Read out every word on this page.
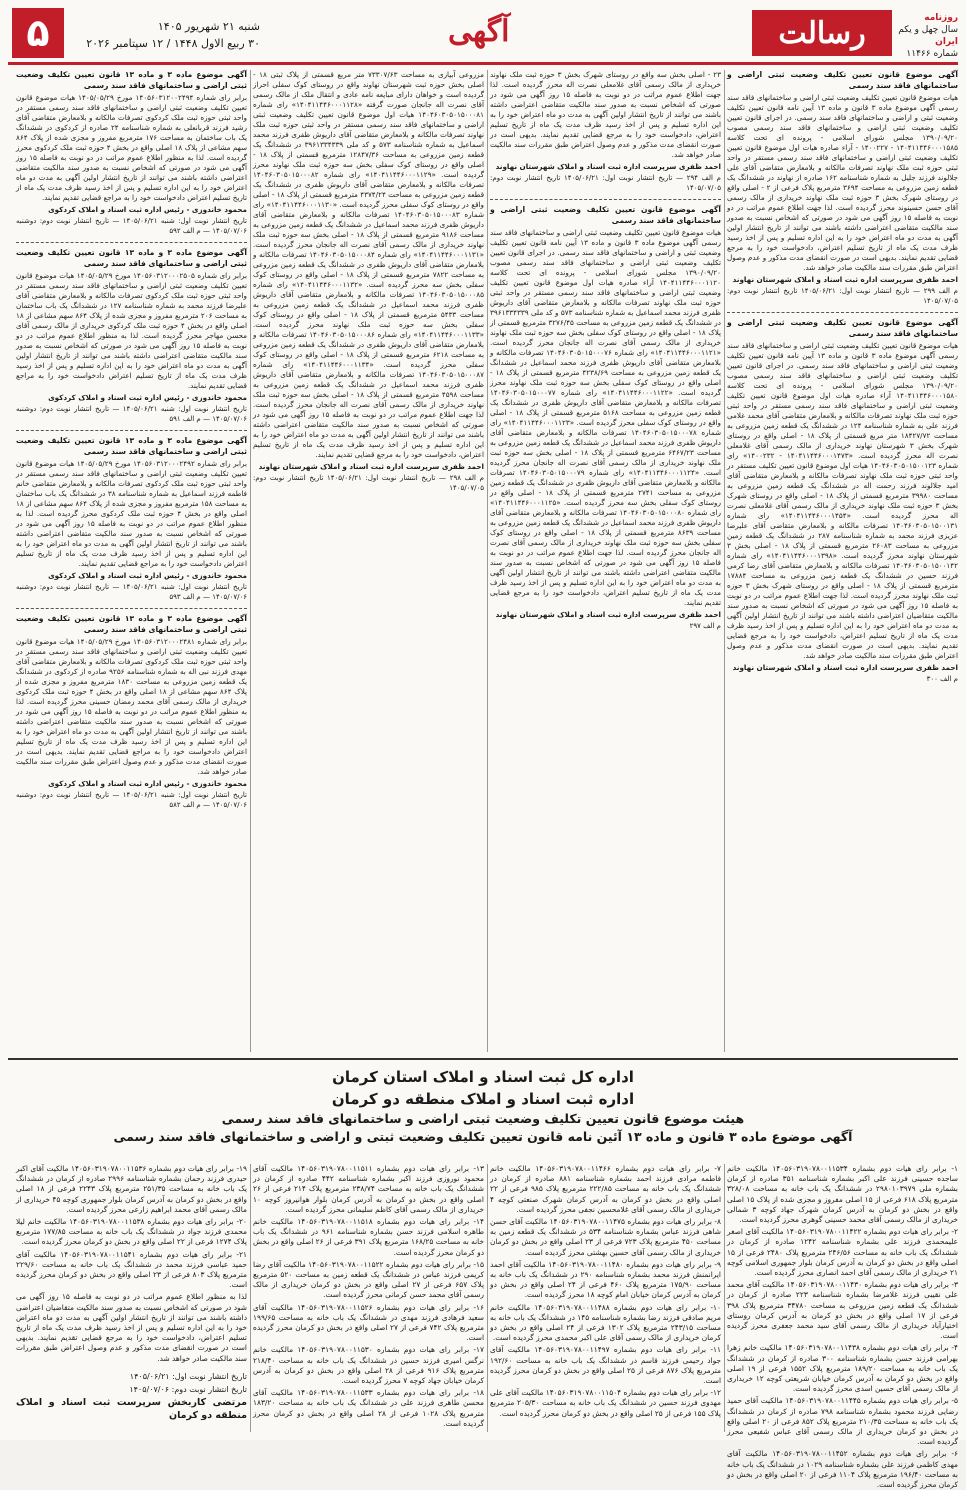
روزنامه
سال چهل و یکم
ایران
شماره ۱۱۴۶۶
رسالت
آگهی
شنبه ۲۱ شهریور ۱۴۰۵
۳۰ ربیع الاول ۱۴۴۸ / ۱۲ سپتامبر ۲۰۲۶
۵
آگهی موضوع قانون تعیین تکلیف وضعیت ثبتی اراضی و ساختمانهای فاقد سند رسمی
هیات موضوع قانون تعیین تکلیف وضعیت ثبتی اراضی و ساختمانهای فاقد سند رسمی آگهی موضوع ماده ۳ قانون و ماده ۱۳ آیین نامه قانون تعیین تکلیف وضعیت ثبتی و اراضی و ساختمانهای فاقد سند رسمی. در اجرای قانون تعیین تکلیف وضعیت ثبتی اراضی و ساختمانهای فاقد سند رسمی مصوب ۱۳۹۰/۰۹/۲۰ مجلس شورای اسلامی - پرونده ای تحت کلاسه ۱۴۰۴۱۱۴۴۶۰۰۰۱۵۸۵ - ۱۴۰۰۲۲۷ - آراء صادره هیات اول موضوع قانون تعیین تکلیف وضعیت ثبتی اراضی و ساختمانهای فاقد سند رسمی مستقر در واحد ثبتی حوزه ثبت ملک نهاوند تصرفات مالکانه و بلامعارض متقاضی آقای علی جلالوند فرزند جلیل به شماره شناسنامه ۱۶۲ صادره از نهاوند در ششدانگ یک قطعه زمین مزروعی به مساحت ۳۶۹۴ مترمربع پلاک فرعی از ۲ - اصلی واقع در روستای شهرک بخش ۳ حوزه ثبت ملک نهاوند خریداری از مالک رسمی آقای حسن حسینوند محرز گردیده است. لذا جهت اطلاع عموم مراتب در دو نوبت به فاصله ۱۵ روز آگهی می شود در صورتی که اشخاص نسبت به صدور سند مالکیت متقاضی اعتراضی داشته باشند می توانند از تاریخ انتشار اولین آگهی به مدت دو ماه اعتراض خود را به این اداره تسلیم و پس از اخذ رسید ظرف مدت یک ماه از تاریخ تسلیم اعتراض، دادخواست خود را به مرجع قضایی تقدیم نمایند. بدیهی است در صورت انقضای مدت مذکور و عدم وصول اعتراض طبق مقررات سند مالکیت صادر خواهد شد.
احمد ظفری سرپرست اداره ثبت اسناد و املاک شهرستان نهاوند
م الف ۲۹۹ — تاریخ انتشار نوبت اول: ۱۴۰۵/۰۶/۲۱ تاریخ انتشار نوبت دوم: ۱۴۰۵/۰۷/۰۵
آگهی موضوع قانون تعیین تکلیف وضعیت ثبتی اراضی و ساختمانهای فاقد سند رسمی
هیات موضوع قانون تعیین تکلیف وضعیت ثبتی اراضی و ساختمانهای فاقد سند رسمی آگهی موضوع ماده ۳ قانون و ماده ۱۳ آیین نامه قانون تعیین تکلیف وضعیت ثبتی اراضی و ساختمانهای فاقد سند رسمی. در اجرای قانون تعیین تکلیف وضعیت ثبتی اراضی و ساختمانهای فاقد سند رسمی مصوب ۱۳۹۰/۰۹/۲۰ مجلس شورای اسلامی - پرونده ای تحت کلاسه ۱۴۰۴۱۱۴۴۶۰۰۰۱۵۸۰ آراء صادره هیات اول موضوع قانون تعیین تکلیف وضعیت ثبتی اراضی و ساختمانهای فاقد سند رسمی مستقر در واحد ثبتی حوزه ثبت ملک نهاوند تصرفات مالکانه و بلامعارض متقاضی آقای محمد غلامی فرزند علی به شماره شناسنامه ۱۲۴ در ششدانگ یک قطعه زمین مزروعی به مساحت ۱۸۴۲۷/۷۲ متر مربع قسمتی از پلاک ۱۸ - اصلی واقع در روستای شهرک بخش ۳ شهرستان نهاوند خریداری از مالک رسمی آقای غلامعلی نصرت اله محرز گردیده است. «۱۴۰۴۱۱۴۴۶۰۰۰۱۴۷۳ - ۱۴۰۰۲۳۲» رای شماره ۱۴۰۴۶۰۳۰۵۰۱۵۰۰۱۲۳ هیات اول موضوع قانون تعیین تکلیف مستقر در واحد ثبتی حوزه ثبت ملک نهاوند تصرفات مالکانه و بلامعارض متقاضی آقای امید جلالوند فرزند رحمت اله در ششدانگ یک قطعه زمین مزروعی به مساحت ۳۹۹۸۰ مترمربع قسمتی از پلاک ۱۸ - اصلی واقع در روستای شهرک بخش ۳ حوزه ثبت ملک نهاوند خریداری از مالک رسمی آقای غلامعلی نصرت اله محرز گردیده است. «۱۴۰۴۱۱۴۴۶۰۰۰۱۴۵۴» رای شماره ۱۴۰۴۶۰۳۰۵۰۱۵۰۰۱۳۱ تصرفات مالکانه و بلامعارض متقاضی آقای علیرضا عزیزی فرزند محمد به شماره شناسنامه ۲۸۷ در ششدانگ یک قطعه زمین مزروعی به مساحت ۲۶۰۸۳ مترمربع قسمتی از پلاک ۱۸ - اصلی بخش ۳ شهرستان نهاوند محرز گردیده است. «۱۴۰۴۱۱۴۴۶۰۰۰۱۳۹۸» رای شماره ۱۴۰۴۶۰۳۰۵۰۱۵۰۰۱۴۲ تصرفات مالکانه و بلامعارض متقاضی آقای رضا کرمی فرزند حسین در ششدانگ یک قطعه زمین مزروعی به مساحت ۱۷۸۸۴ مترمربع قسمتی از پلاک ۱۸ - اصلی واقع در روستای شهرک بخش ۳ حوزه ثبت ملک نهاوند محرز گردیده است. لذا جهت اطلاع عموم مراتب در دو نوبت به فاصله ۱۵ روز آگهی می شود در صورتی که اشخاص نسبت به صدور سند مالکیت متقاضیان اعتراضی داشته باشند می توانند از تاریخ انتشار اولین آگهی به مدت دو ماه اعتراض خود را به این اداره تسلیم و پس از اخذ رسید ظرف مدت یک ماه از تاریخ تسلیم اعتراض، دادخواست خود را به مرجع قضایی تقدیم نمایند. بدیهی است در صورت انقضای مدت مذکور و عدم وصول اعتراض طبق مقررات سند مالکیت صادر خواهد شد.
احمد ظفری سرپرست اداره ثبت اسناد و املاک شهرستان نهاوند
م الف ۳۰۰
۲۳ - اصلی بخش سه واقع در روستای شهرک بخش ۳ حوزه ثبت ملک نهاوند خریداری از مالک رسمی آقای غلامعلی نصرت اله محرز گردیده است. لذا جهت اطلاع عموم مراتب در دو نوبت به فاصله ۱۵ روز آگهی می شود در صورتی که اشخاص نسبت به صدور سند مالکیت متقاضی اعتراضی داشته باشند می توانند از تاریخ انتشار اولین آگهی به مدت دو ماه اعتراض خود را به این اداره تسلیم و پس از اخذ رسید ظرف مدت یک ماه از تاریخ تسلیم اعتراض، دادخواست خود را به مرجع قضایی تقدیم نمایند. بدیهی است در صورت انقضای مدت مذکور و عدم وصول اعتراض طبق مقررات سند مالکیت صادر خواهد شد.
احمد ظفری سرپرست اداره ثبت اسناد و املاک شهرستان نهاوند
م الف ۲۹۴ — تاریخ انتشار نوبت اول: ۱۴۰۵/۰۶/۲۱ تاریخ انتشار نوبت دوم: ۱۴۰۵/۰۷/۰۵
آگهی موضوع قانون تعیین تکلیف وضعیت ثبتی اراضی و ساختمانهای فاقد سند رسمی
هیات موضوع قانون تعیین تکلیف وضعیت ثبتی اراضی و ساختمانهای فاقد سند رسمی آگهی موضوع ماده ۳ قانون و ماده ۱۳ آیین نامه قانون تعیین تکلیف وضعیت ثبتی و اراضی و ساختمانهای فاقد سند رسمی. در اجرای قانون تعیین تکلیف وضعیت ثبتی اراضی و ساختمانهای فاقد سند رسمی مصوب ۱۳۹۰/۰۹/۲۰ مجلس شورای اسلامی - پرونده ای تحت کلاسه ۱۴۰۴۱۱۴۴۶۰۰۰۱۱۲۰ آراء صادره هیات اول موضوع قانون تعیین تکلیف وضعیت ثبتی اراضی و ساختمانهای فاقد سند رسمی مستقر در واحد ثبتی حوزه ثبت ملک نهاوند تصرفات مالکانه و بلامعارض متقاضی آقای داریوش ظفری فرزند محمد اسماعیل به شماره شناسنامه ۵۷۳ و کد ملی ۳۹۶۱۳۳۴۳۳۹ در ششدانگ یک قطعه زمین مزروعی به مساحت ۳۲۷۶/۴۵ مترمربع قسمتی از پلاک ۱۸ - اصلی واقع در روستای کوک سفلی بخش سه حوزه ثبت ملک نهاوند خریداری از مالک رسمی آقای نصرت اله جانجان محرز گردیده است. «۱۴۰۴۱۱۴۴۶۰۰۰۱۱۲۱» رای شماره ۱۴۰۴۶۰۳۰۵۰۱۵۰۰۰۷۶ تصرفات مالکانه و بلامعارض متقاضی آقای داریوش ظفری فرزند محمد اسماعیل در ششدانگ یک قطعه زمین مزروعی به مساحت ۴۲۳۸/۶۹ مترمربع قسمتی از پلاک ۱۸ - اصلی واقع در روستای کوک سفلی بخش سه حوزه ثبت ملک نهاوند محرز گردیده است. «۱۴۰۴۱۱۴۴۶۰۰۰۱۱۲۲» رای شماره ۱۴۰۴۶۰۳۰۵۰۱۵۰۰۰۷۷ تصرفات مالکانه و بلامعارض متقاضی آقای داریوش ظفری در ششدانگ یک قطعه زمین مزروعی به مساحت ۵۱۶۸ مترمربع قسمتی از پلاک ۱۸ - اصلی واقع در روستای کوک سفلی محرز گردیده است. «۱۴۰۴۱۱۴۴۶۰۰۰۱۱۲۳» رای شماره ۱۴۰۴۶۰۳۰۵۰۱۵۰۰۰۷۸ تصرفات مالکانه و بلامعارض متقاضی آقای داریوش ظفری فرزند محمد اسماعیل در ششدانگ یک قطعه زمین مزروعی به مساحت ۶۴۶۷/۲۳ مترمربع قسمتی از پلاک ۱۸ - اصلی بخش سه حوزه ثبت ملک نهاوند خریداری از مالک رسمی آقای نصرت اله جانجان محرز گردیده است. «۱۴۰۴۱۱۴۴۶۰۰۰۱۱۲۴» رای شماره ۱۴۰۴۶۰۳۰۵۰۱۵۰۰۰۷۹ تصرفات مالکانه و بلامعارض متقاضی آقای داریوش ظفری در ششدانگ یک قطعه زمین مزروعی به مساحت ۲۷۴۱ مترمربع قسمتی از پلاک ۱۸ - اصلی واقع در روستای کوک سفلی بخش سه محرز گردیده است. «۱۴۰۴۱۱۴۴۶۰۰۰۱۱۲۵» رای شماره ۱۴۰۴۶۰۳۰۵۰۱۵۰۰۰۸۰ تصرفات مالکانه و بلامعارض متقاضی آقای داریوش ظفری فرزند محمد اسماعیل در ششدانگ یک قطعه زمین مزروعی به مساحت ۸۶۳۹ مترمربع قسمتی از پلاک ۱۸ - اصلی واقع در روستای کوک سفلی بخش سه حوزه ثبت ملک نهاوند خریداری از مالک رسمی آقای نصرت اله جانجان محرز گردیده است. لذا جهت اطلاع عموم مراتب در دو نوبت به فاصله ۱۵ روز آگهی می شود در صورتی که اشخاص نسبت به صدور سند مالکیت متقاضی اعتراضی داشته باشند می توانند از تاریخ انتشار اولین آگهی به مدت دو ماه اعتراض خود را به این اداره تسلیم و پس از اخذ رسید ظرف مدت یک ماه از تاریخ تسلیم اعتراض، دادخواست خود را به مرجع قضایی تقدیم نمایند.
احمد ظفری سرپرست اداره ثبت اسناد و املاک شهرستان نهاوند
م الف ۲۹۷
مزروعی آبیاری به مساحت ۷۳۳۰۷/۶۳ متر مربع قسمتی از پلاک ثبتی ۱۸ - اصلی بخش حوزه ثبت شهرستان نهاوند واقع در روستای کوک سفلی احراز گردیده است و خواهان دارای مبایعه نامه عادی و انتقال ملک از مالک رسمی آقای نصرت اله جانجان صورت گرفته «۱۴۰۴۱۱۴۴۶۰۰۰۱۱۲۸» رای شماره ۱۴۰۴۶۰۳۰۵۰۱۵۰۰۰۸۱ هیات اول موضوع قانون تعیین تکلیف وضعیت ثبتی اراضی و ساختمانهای فاقد سند رسمی مستقر در واحد ثبتی حوزه ثبت ملک نهاوند تصرفات مالکانه و بلامعارض متقاضی آقای داریوش ظفری فرزند محمد اسماعیل به شماره شناسنامه ۵۷۳ و کد ملی ۳۹۶۱۳۳۴۳۳۹ در ششدانگ یک قطعه زمین مزروعی به مساحت ۱۲۸۴۷/۳۶ مترمربع قسمتی از پلاک ۱۸ - اصلی واقع در روستای کوک سفلی بخش سه حوزه ثبت ملک نهاوند محرز گردیده است. «۱۴۰۴۱۱۴۴۶۰۰۰۱۱۲۹» رای شماره ۱۴۰۴۶۰۳۰۵۰۱۵۰۰۰۸۲ تصرفات مالکانه و بلامعارض متقاضی آقای داریوش ظفری در ششدانگ یک قطعه زمین مزروعی به مساحت ۴۳۷۴/۲۴ مترمربع قسمتی از پلاک ۱۸ - اصلی واقع در روستای کوک سفلی محرز گردیده است. «۱۴۰۴۱۱۴۴۶۰۰۰۱۱۳۰» رای شماره ۱۴۰۴۶۰۳۰۵۰۱۵۰۰۰۸۳ تصرفات مالکانه و بلامعارض متقاضی آقای داریوش ظفری فرزند محمد اسماعیل در ششدانگ یک قطعه زمین مزروعی به مساحت ۹۱۸۶ مترمربع قسمتی از پلاک ۱۸ - اصلی بخش سه حوزه ثبت ملک نهاوند خریداری از مالک رسمی آقای نصرت اله جانجان محرز گردیده است. «۱۴۰۴۱۱۴۴۶۰۰۰۱۱۳۱» رای شماره ۱۴۰۴۶۰۳۰۵۰۱۵۰۰۰۸۴ تصرفات مالکانه و بلامعارض متقاضی آقای داریوش ظفری در ششدانگ یک قطعه زمین مزروعی به مساحت ۷۸۲۲ مترمربع قسمتی از پلاک ۱۸ - اصلی واقع در روستای کوک سفلی بخش سه محرز گردیده است. «۱۴۰۴۱۱۴۴۶۰۰۰۱۱۳۲» رای شماره ۱۴۰۴۶۰۳۰۵۰۱۵۰۰۰۸۵ تصرفات مالکانه و بلامعارض متقاضی آقای داریوش ظفری فرزند محمد اسماعیل در ششدانگ یک قطعه زمین مزروعی به مساحت ۵۴۳۳ مترمربع قسمتی از پلاک ۱۸ - اصلی واقع در روستای کوک سفلی بخش سه حوزه ثبت ملک نهاوند محرز گردیده است. «۱۴۰۴۱۱۴۴۶۰۰۰۱۱۳۳» رای شماره ۱۴۰۴۶۰۳۰۵۰۱۵۰۰۰۸۶ تصرفات مالکانه و بلامعارض متقاضی آقای داریوش ظفری در ششدانگ یک قطعه زمین مزروعی به مساحت ۶۲۱۸ مترمربع قسمتی از پلاک ۱۸ - اصلی واقع در روستای کوک سفلی محرز گردیده است. «۱۴۰۴۱۱۴۴۶۰۰۰۱۱۳۴» رای شماره ۱۴۰۴۶۰۳۰۵۰۱۵۰۰۰۸۷ تصرفات مالکانه و بلامعارض متقاضی آقای داریوش ظفری فرزند محمد اسماعیل در ششدانگ یک قطعه زمین مزروعی به مساحت ۴۵۹۸ مترمربع قسمتی از پلاک ۱۸ - اصلی بخش سه حوزه ثبت ملک نهاوند خریداری از مالک رسمی آقای نصرت اله جانجان محرز گردیده است. لذا جهت اطلاع عموم مراتب در دو نوبت به فاصله ۱۵ روز آگهی می شود در صورتی که اشخاص نسبت به صدور سند مالکیت متقاضی اعتراضی داشته باشند می توانند از تاریخ انتشار اولین آگهی به مدت دو ماه اعتراض خود را به این اداره تسلیم و پس از اخذ رسید ظرف مدت یک ماه از تاریخ تسلیم اعتراض، دادخواست خود را به مرجع قضایی تقدیم نمایند.
احمد ظفری سرپرست اداره ثبت اسناد و املاک شهرستان نهاوند
م الف ۲۹۸ — تاریخ انتشار نوبت اول: ۱۴۰۵/۰۶/۲۱ تاریخ انتشار نوبت دوم: ۱۴۰۵/۰۷/۰۵
آگهی موضوع ماده ۳ و ماده ۱۳ قانون تعیین تکلیف وضعیت ثبتی اراضی و ساختمانهای فاقد سند رسمی
برابر رای شماره ۱۴۰۵۶۰۳۱۲۰۰۲۴۹۴ مورخ ۱۴۰۵/۰۵/۲۹ هیات موضوع قانون تعیین تکلیف وضعیت ثبتی اراضی و ساختمانهای فاقد سند رسمی مستقر در واحد ثبتی حوزه ثبت ملک کردکوی تصرفات مالکانه و بلامعارض متقاضی آقای رشید فرزند قربانعلی به شماره شناسنامه ۲۴ صادره از کردکوی در ششدانگ یک باب ساختمان به مساحت ۱۷۶ مترمربع مفروز و مجزی شده از پلاک ۸۶۴ سهم مشاعی از پلاک ۱۸ اصلی واقع در بخش ۴ حوزه ثبت ملک کردکوی محرز گردیده است. لذا به منظور اطلاع عموم مراتب در دو نوبت به فاصله ۱۵ روز آگهی می شود در صورتی که اشخاص نسبت به صدور سند مالکیت متقاضی اعتراضی داشته باشند می توانند از تاریخ انتشار اولین آگهی به مدت دو ماه اعتراض خود را به این اداره تسلیم و پس از اخذ رسید ظرف مدت یک ماه از تاریخ تسلیم اعتراض دادخواست خود را به مراجع قضایی تقدیم نمایند.
محمود خاندوزی - رئیس اداره ثبت اسناد و املاک کردکوی
تاریخ انتشار نوبت اول: شنبه ۱۴۰۵/۰۶/۲۱ — تاریخ انتشار نوبت دوم: دوشنبه ۱۴۰۵/۰۷/۰۶ — م الف ۵۹۲
آگهی موضوع ماده ۳ و ماده ۱۳ قانون تعیین تکلیف وضعیت ثبتی اراضی و ساختمانهای فاقد سند رسمی
برابر رای شماره ۱۴۰۵۶۰۳۱۲۰۰۰۲۵۰۵ مورخ ۱۴۰۵/۰۵/۲۹ هیات موضوع قانون تعیین تکلیف وضعیت ثبتی اراضی و ساختمانهای فاقد سند رسمی مستقر در واحد ثبتی حوزه ثبت ملک کردکوی تصرفات مالکانه و بلامعارض متقاضی آقای علیرضا فرزند محمد به شماره شناسنامه ۱۲۷ در ششدانگ یک باب ساختمان به مساحت ۲۰۶ مترمربع مفروز و مجزی شده از پلاک ۸۶۴ سهم مشاعی از ۱۸ اصلی واقع در بخش ۴ حوزه ثبت ملک کردکوی خریداری از مالک رسمی آقای محسن مهاجر محرز گردیده است. لذا به منظور اطلاع عموم مراتب در دو نوبت به فاصله ۱۵ روز آگهی می شود در صورتی که اشخاص نسبت به صدور سند مالکیت متقاضی اعتراضی داشته باشند می توانند از تاریخ انتشار اولین آگهی به مدت دو ماه اعتراض خود را به این اداره تسلیم و پس از اخذ رسید ظرف مدت یک ماه از تاریخ تسلیم اعتراض دادخواست خود را به مراجع قضایی تقدیم نمایند.
محمود خاندوزی - رئیس اداره ثبت اسناد و املاک کردکوی
تاریخ انتشار نوبت اول: شنبه ۱۴۰۵/۰۶/۲۱ — تاریخ انتشار نوبت دوم: دوشنبه ۱۴۰۵/۰۷/۰۶ — م الف ۵۹۱
آگهی موضوع ماده ۳ و ماده ۱۳ قانون تعیین تکلیف وضعیت ثبتی اراضی و ساختمانهای فاقد سند رسمی
برابر رای شماره ۱۴۰۵۶۰۳۱۲۰۰۰۲۴۹۲ مورخ ۱۴۰۵/۰۵/۲۹ هیات موضوع قانون تعیین تکلیف وضعیت ثبتی اراضی و ساختمانهای فاقد سند رسمی مستقر در واحد ثبتی حوزه ثبت ملک کردکوی تصرفات مالکانه و بلامعارض متقاضی خانم فاطمه فرزند اسماعیل به شماره شناسنامه ۳۸ در ششدانگ یک باب ساختمان به مساحت ۱۵۸ مترمربع مفروز و مجزی شده از پلاک ۸۶۴ سهم مشاعی از ۱۸ اصلی واقع در بخش ۴ حوزه ثبت ملک کردکوی محرز گردیده است. لذا به منظور اطلاع عموم مراتب در دو نوبت به فاصله ۱۵ روز آگهی می شود در صورتی که اشخاص نسبت به صدور سند مالکیت متقاضی اعتراضی داشته باشند می توانند از تاریخ انتشار اولین آگهی به مدت دو ماه اعتراض خود را به این اداره تسلیم و پس از اخذ رسید ظرف مدت یک ماه از تاریخ تسلیم اعتراض دادخواست خود را به مراجع قضایی تقدیم نمایند.
محمود خاندوزی - رئیس اداره ثبت اسناد و املاک کردکوی
تاریخ انتشار نوبت اول: شنبه ۱۴۰۵/۰۶/۲۱ — تاریخ انتشار نوبت دوم: دوشنبه ۱۴۰۵/۰۷/۰۶ — م الف ۵۹۳
آگهی موضوع ماده ۳ و ماده ۱۳ قانون تعیین تکلیف وضعیت ثبتی اراضی و ساختمانهای فاقد سند رسمی
برابر رای شماره ۱۴۰۵۶۰۳۱۲۰۰۰۲۴۸۱ مورخ ۱۴۰۵/۰۵/۲۹ هیات موضوع قانون تعیین تکلیف وضعیت ثبتی اراضی و ساختمانهای فاقد سند رسمی مستقر در واحد ثبتی حوزه ثبت ملک کردکوی تصرفات مالکانه و بلامعارض متقاضی آقای مهدی فرزند نبی اله به شماره شناسنامه ۹۲۵۶ صادره از کردکوی در ششدانگ یک قطعه زمین مزروعی به مساحت ۱۸۳۰ مترمربع مفروز و مجزی شده از پلاک ۸۶۴ سهم مشاعی از ۱۸ اصلی واقع در بخش ۴ حوزه ثبت ملک کردکوی خریداری از مالک رسمی آقای محمد رمضان حسینی محرز گردیده است. لذا به منظور اطلاع عموم مراتب در دو نوبت به فاصله ۱۵ روز آگهی می شود در صورتی که اشخاص نسبت به صدور سند مالکیت متقاضی اعتراضی داشته باشند می توانند از تاریخ انتشار اولین آگهی به مدت دو ماه اعتراض خود را به این اداره تسلیم و پس از اخذ رسید ظرف مدت یک ماه از تاریخ تسلیم اعتراض دادخواست خود را به مراجع قضایی تقدیم نمایند. بدیهی است در صورت انقضای مدت مذکور و عدم وصول اعتراض طبق مقررات سند مالکیت صادر خواهد شد.
محمود خاندوزی - رئیس اداره ثبت اسناد و املاک کردکوی
تاریخ انتشار نوبت اول: شنبه ۱۴۰۵/۰۶/۲۱ — تاریخ انتشار نوبت دوم: دوشنبه ۱۴۰۵/۰۷/۰۶ — م الف ۵۸۲
اداره کل ثبت اسناد و املاک استان کرمان
اداره ثبت اسناد و املاک منطقه دو کرمان
هیئت موضوع قانون تعیین تکلیف وضعیت ثبتی اراضی و ساختمانهای فاقد سند رسمی
آگهی موضوع ماده ۳ قانون و ماده ۱۳ آئین نامه قانون تعیین تکلیف وضعیت ثبتی و اراضی و ساختمانهای فاقد سند رسمی
۱- برابر رای هیات دوم بشماره ۱۴۰۵۶۰۳۱۹۰۷۸۰۰۱۱۵۳۴ مالکیت خانم ساجده حسینی فرزند علی اکبر بشماره شناسنامه ۳۵۱ صادره از کرمان بشماره ملی ۲۹۸۰۱۰۳۹۷۹ در ششدانگ یک باب خانه به مساحت ۳۲۸/۰۸ مترمربع پلاک ۶۱۸ فرعی از ۱۵ اصلی مفروز و مجزی شده از پلاک ۱۵ اصلی واقع در بخش دو کرمان به آدرس کرمان شهرک جهاد کوچه ۳ شمالی خریداری از مالک رسمی آقای محمد حسینی گوهری محرز گردیده است.
۲- برابر رای هیات دوم بشماره ۱۴۰۵۶۰۳۱۹۰۷۸۰۰۱۱۴۲۲ مالکیت آقای اصغر علیمحمدی فرزند علی بشماره شناسنامه ۱۲۴۲ صادره از کرمان در ششدانگ یک باب خانه به مساحت ۲۴۶/۵۶ مترمربع پلاک ۲۴۸۰ فرعی از ۱۵ اصلی واقع در بخش دو کرمان به آدرس کرمان بلوار جمهوری اسلامی کوچه ۲۱ خریداری از مالک رسمی آقای احمد انصاری محرز گردیده است.
۳- برابر رای هیات دوم بشماره ۱۴۰۵۶۰۳۱۹۰۷۸۰۰۱۱۴۳۰ مالکیت آقای محمد علی نقیبی فرزند غلامرضا بشماره شناسنامه ۲۲۳ صادره از کرمان در ششدانگ یک قطعه زمین مزروعی به مساحت ۳۴۷۸۰ مترمربع پلاک ۳۹۸ فرعی از ۱۷ اصلی واقع در بخش دو کرمان به آدرس کرمان روستای اختیارآباد خریداری از مالک رسمی آقای سید محمد جعفری محرز گردیده است.
۴- برابر رای هیات دوم بشماره ۱۴۰۵۶۰۳۱۹۰۷۸۰۰۱۱۴۳۸ مالکیت خانم زهرا بهرامی فرزند حسن بشماره شناسنامه ۳۰۰ صادره از کرمان در ششدانگ یک باب خانه به مساحت ۱۸۹/۲۰ مترمربع پلاک ۱۵۵۲ فرعی از ۱۹ اصلی واقع در بخش دو کرمان به آدرس کرمان خیابان شریعتی کوچه ۱۲ خریداری از مالک رسمی آقای حسین اسدی محرز گردیده است.
۵- برابر رای هیات دوم بشماره ۱۴۰۵۶۰۳۱۹۰۷۸۰۰۱۱۴۴۵ مالکیت آقای حمید رضایی فرزند محمود بشماره شناسنامه ۷۹۸ صادره از کرمان در ششدانگ یک باب خانه به مساحت ۲۱۰/۳۵ مترمربع پلاک ۸۵۲ فرعی از ۲۰ اصلی واقع در بخش دو کرمان خریداری از مالک رسمی آقای عباس شفیعی محرز گردیده است.
۶- برابر رای هیات دوم بشماره ۱۴۰۵۶۰۳۱۹۰۷۸۰۰۱۱۴۵۲ مالکیت آقای مهدی کاظمی فرزند علی بشماره شناسنامه ۱۰۲۹ در ششدانگ یک باب خانه به مساحت ۱۹۶/۴۰ مترمربع پلاک ۱۱۰۴ فرعی از ۲۰ اصلی واقع در بخش دو کرمان محرز گردیده است.
۷- برابر رای هیات دوم بشماره ۱۴۰۵۶۰۳۱۹۰۷۸۰۰۱۱۴۶۶ مالکیت خانم فاطمه مرادی فرزند احمد بشماره شناسنامه ۸۸۱ صادره از کرمان در ششدانگ یک باب خانه به مساحت ۲۲۲/۸۵ مترمربع پلاک ۹۸۵ فرعی از ۲۲ اصلی واقع در بخش دو کرمان به آدرس کرمان شهرک صنعتی کوچه ۴ خریداری از مالک رسمی آقای غلامحسین نجفی محرز گردیده است.
۸- برابر رای هیات دوم بشماره ۱۴۰۵۶۰۳۱۹۰۷۸۰۰۱۱۴۷۵ مالکیت آقای حسن شاهی فرزند عباس بشماره شناسنامه ۵۳۴ در ششدانگ یک قطعه زمین به مساحت ۴۵۰ مترمربع پلاک ۷۲۳ فرعی از ۲۳ اصلی واقع در بخش دو کرمان خریداری از مالک رسمی آقای حسین بهشتی محرز گردیده است.
۹- برابر رای هیات دوم بشماره ۱۴۰۵۶۰۳۱۹۰۷۸۰۰۱۱۴۸۰ مالکیت آقای احمد ایرانمنش فرزند محمد بشماره شناسنامه ۲۹۰ در ششدانگ یک باب خانه به مساحت ۱۷۵/۹۰ مترمربع پلاک ۴۶۰ فرعی از ۲۴ اصلی واقع در بخش دو کرمان به آدرس کرمان خیابان امام کوچه ۱۸ محرز گردیده است.
۱۰- برابر رای هیات دوم بشماره ۱۴۰۵۶۰۳۱۹۰۷۸۰۰۱۱۴۸۸ مالکیت خانم مریم صادقی فرزند رضا بشماره شناسنامه ۱۴۵ در ششدانگ یک باب خانه به مساحت ۲۴۳/۱۵ مترمربع پلاک ۱۳۰۲ فرعی از ۲۴ اصلی واقع در بخش دو کرمان خریداری از مالک رسمی آقای علی اکبر محمدی محرز گردیده است.
۱۱- برابر رای هیات دوم بشماره ۱۴۰۵۶۰۳۱۹۰۷۸۰۰۱۱۴۹۷ مالکیت آقای جواد رحیمی فرزند قاسم در ششدانگ یک باب خانه به مساحت ۱۹۲/۶۰ مترمربع پلاک ۸۷۶ فرعی از ۲۵ اصلی واقع در بخش دو کرمان محرز گردیده است.
۱۲- برابر رای هیات دوم بشماره ۱۴۰۵۶۰۳۱۹۰۷۸۰۰۱۱۵۰۴ مالکیت آقای علی مهدوی فرزند حسین در ششدانگ یک باب خانه به مساحت ۲۰۵/۳۰ مترمربع پلاک ۱۵۵ فرعی از ۲۵ اصلی واقع در بخش دو کرمان محرز گردیده است.
۱۳- برابر رای هیات دوم بشماره ۱۴۰۵۶۰۳۱۹۰۷۸۰۰۱۱۵۱۱ مالکیت آقای محمود نوروزی فرزند اکبر بشماره شناسنامه ۴۴۲ صادره از کرمان در ششدانگ یک باب خانه به مساحت ۲۳۸/۷۴ مترمربع پلاک ۲۱۴ فرعی از ۲۶ اصلی واقع در بخش دو کرمان به آدرس کرمان بلوار هوانیروز کوچه ۱۰ خریداری از مالک رسمی آقای کاظم سلیمانی محرز گردیده است.
۱۴- برابر رای هیات دوم بشماره ۱۴۰۵۶۰۳۱۹۰۷۸۰۰۱۱۵۱۸ مالکیت خانم طاهره اسلامی فرزند حسن بشماره شناسنامه ۹۶۱ در ششدانگ یک باب خانه به مساحت ۱۶۸/۲۵ مترمربع پلاک ۳۹۱ فرعی از ۲۶ اصلی واقع در بخش دو کرمان محرز گردیده است.
۱۵- برابر رای هیات دوم بشماره ۱۴۰۵۶۰۳۱۹۰۷۸۰۰۱۱۵۲۲ مالکیت آقای رضا کریمی فرزند عباس در ششدانگ یک قطعه زمین به مساحت ۵۲۰ مترمربع پلاک ۶۵۷ فرعی از ۲۷ اصلی واقع در بخش دو کرمان خریداری از مالک رسمی آقای محمد حسن کرمانی محرز گردیده است.
۱۶- برابر رای هیات دوم بشماره ۱۴۰۵۶۰۳۱۹۰۷۸۰۰۱۱۵۲۶ مالکیت آقای سعید فرهادی فرزند مهدی در ششدانگ یک باب خانه به مساحت ۱۹۹/۶۵ مترمربع پلاک ۷۴۲ فرعی از ۲۷ اصلی واقع در بخش دو کرمان محرز گردیده است.
۱۷- برابر رای هیات دوم بشماره ۱۴۰۵۶۰۳۱۹۰۷۸۰۰۱۱۵۳۰ مالکیت خانم نرگس امیری فرزند حسین در ششدانگ یک باب خانه به مساحت ۲۱۸/۴۰ مترمربع پلاک ۹۱۶ فرعی از ۲۸ اصلی واقع در بخش دو کرمان به آدرس کرمان خیابان جهاد کوچه ۷ محرز گردیده است.
۱۸- برابر رای هیات دوم بشماره ۱۴۰۵۶۰۳۱۹۰۷۸۰۰۱۱۵۳۳ مالکیت آقای محسن طاهری فرزند علی در ششدانگ یک باب خانه به مساحت ۱۸۳/۲۰ مترمربع پلاک ۱۰۲۸ فرعی از ۲۸ اصلی واقع در بخش دو کرمان محرز گردیده است.
۱۹- برابر رای هیات دوم بشماره ۱۴۰۵۶۰۳۱۹۰۷۸۰۰۱۱۵۳۶ مالکیت آقای اکبر حیدری فرزند رحمان بشماره شناسنامه ۲۹۹۶ صادره از کرمان در ششدانگ یک باب خانه به مساحت ۲۵۱/۳۵ مترمربع پلاک ۲۲۴۳ فرعی از ۱۸ اصلی واقع در بخش دو کرمان به آدرس کرمان بلوار جمهوری کوچه ۴۵ خریداری از مالک رسمی آقای محمد ابراهیم زارعی محرز گردیده است.
۲۰- برابر رای هیات دوم بشماره ۱۴۰۵۶۰۳۱۹۰۷۸۰۰۱۱۵۳۸ مالکیت خانم لیلا محمدی فرزند جواد در ششدانگ یک باب خانه به مساحت ۱۷۷/۸۵ مترمربع پلاک ۱۲۷۴ فرعی از ۲۲ اصلی واقع در بخش دو کرمان محرز گردیده است.
۲۱- برابر رای هیات دوم بشماره ۱۴۰۵۶۰۳۱۹۰۷۸۰۰۱۱۵۴۱ مالکیت آقای حمید عباسی فرزند محمد در ششدانگ یک باب خانه به مساحت ۲۲۹/۶۰ مترمربع پلاک ۸۰۳ فرعی از ۲۳ اصلی واقع در بخش دو کرمان محرز گردیده است.
لذا به منظور اطلاع عموم مراتب در دو نوبت به فاصله ۱۵ روز آگهی می شود در صورتی که اشخاص نسبت به صدور سند مالکیت متقاضیان اعتراضی داشته باشند می توانند از تاریخ انتشار اولین آگهی به مدت دو ماه اعتراض خود را به این اداره تسلیم و پس از اخذ رسید ظرف مدت یک ماه از تاریخ تسلیم اعتراض، دادخواست خود را به مرجع قضایی تقدیم نمایند. بدیهی است در صورت انقضای مدت مذکور و عدم وصول اعتراض طبق مقررات سند مالکیت صادر خواهد شد.
تاریخ انتشار نوبت اول: ۱۴۰۵/۰۶/۲۱
تاریخ انتشار نوبت دوم: ۱۴۰۵/۰۷/۰۶
مرتضی کاربخش سرپرست ثبت اسناد و املاک منطقه دو کرمان
